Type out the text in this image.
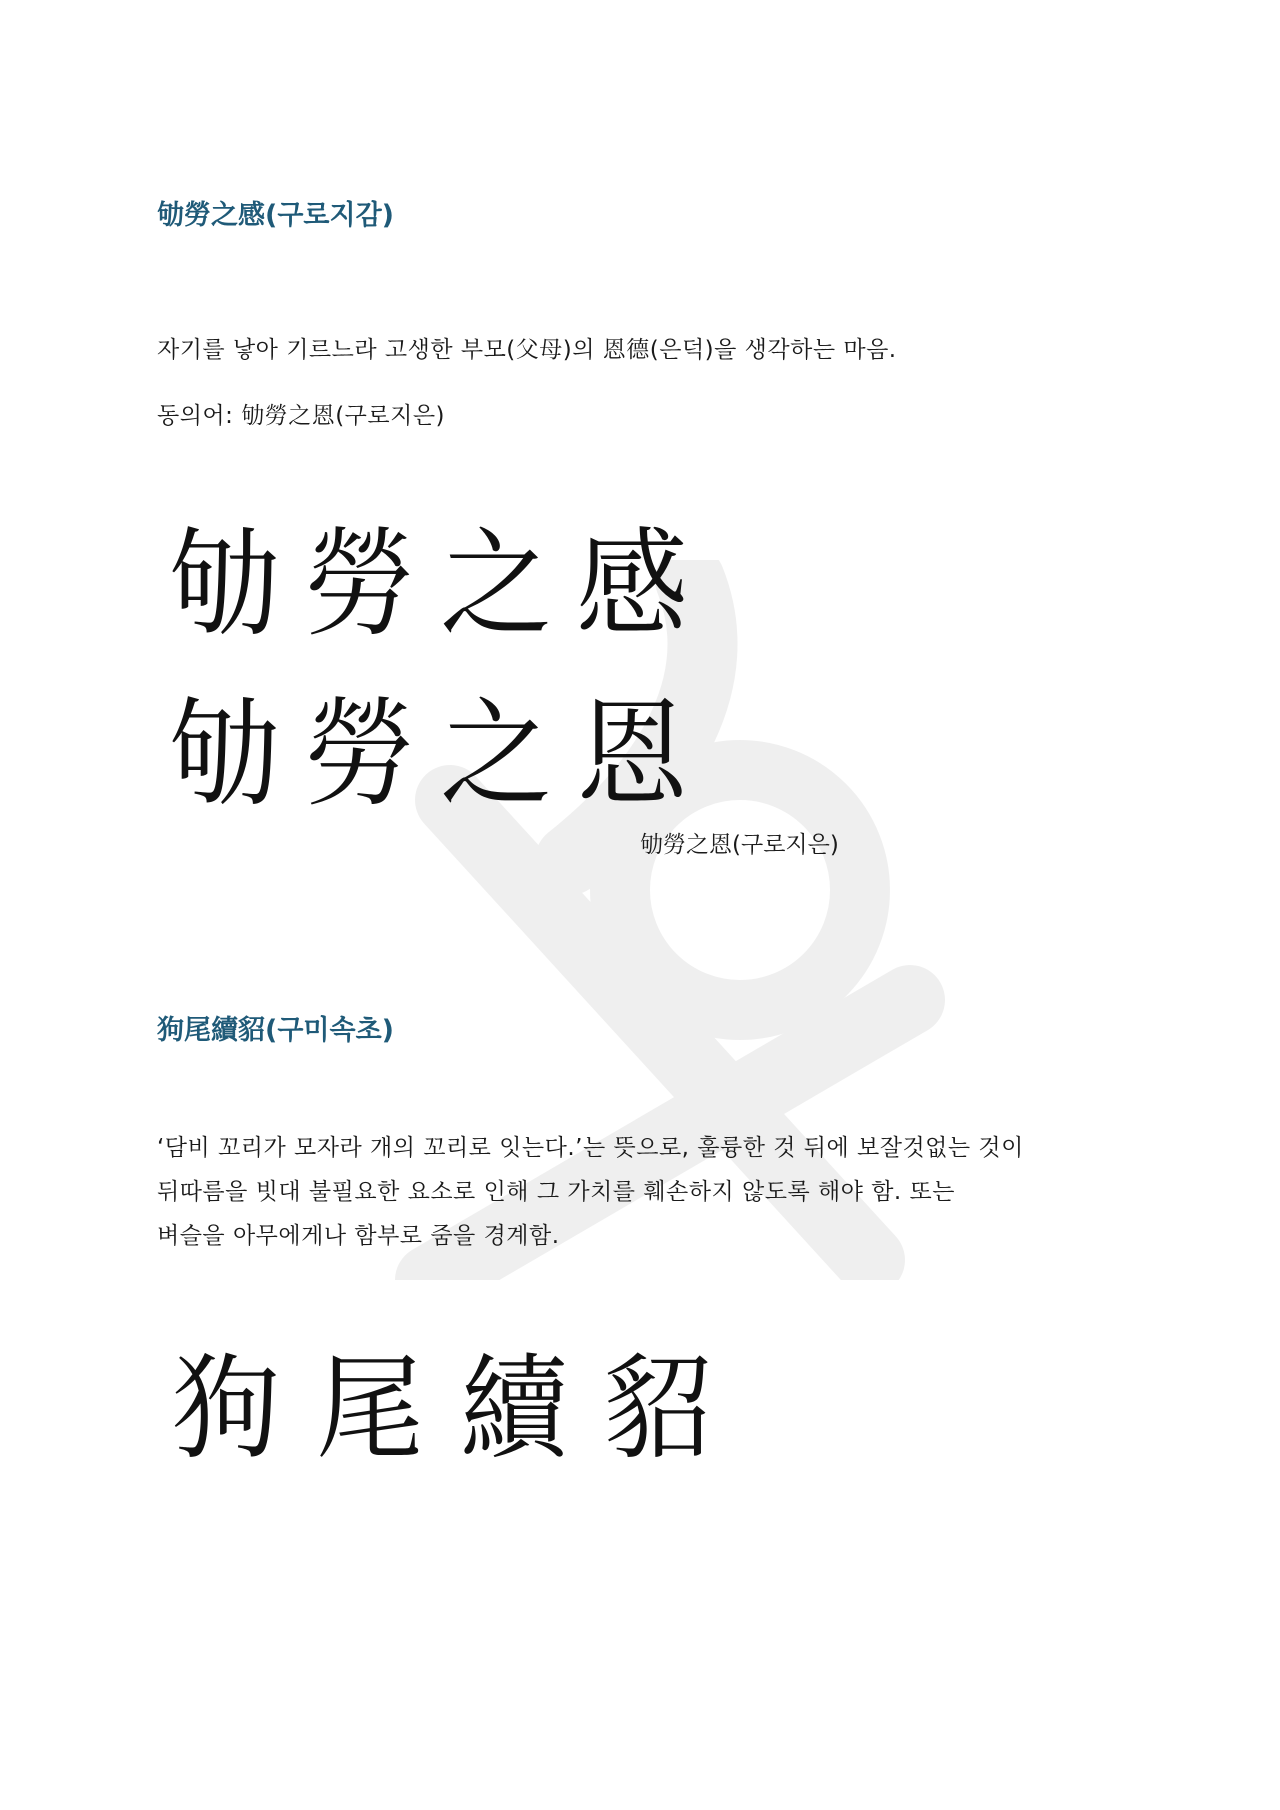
劬勞之感(구로지감)

자기를 낳아 기르느라 고생한 부모(父母)의 恩德(은덕)을 생각하는 마음.

동의어: 劬勞之恩(구로지은)

劬勞之感
劬勞之恩

劬勞之恩(구로지은)

狗尾續貂(구미속초)

‘담비 꼬리가 모자라 개의 꼬리로 잇는다.’는 뜻으로, 훌륭한 것 뒤에 보잘것없는 것이

뒤따름을 빗대 불필요한 요소로 인해 그 가치를 훼손하지 않도록 해야 함. 또는

벼슬을 아무에게나 함부로 줌을 경계함.

狗尾續貂
